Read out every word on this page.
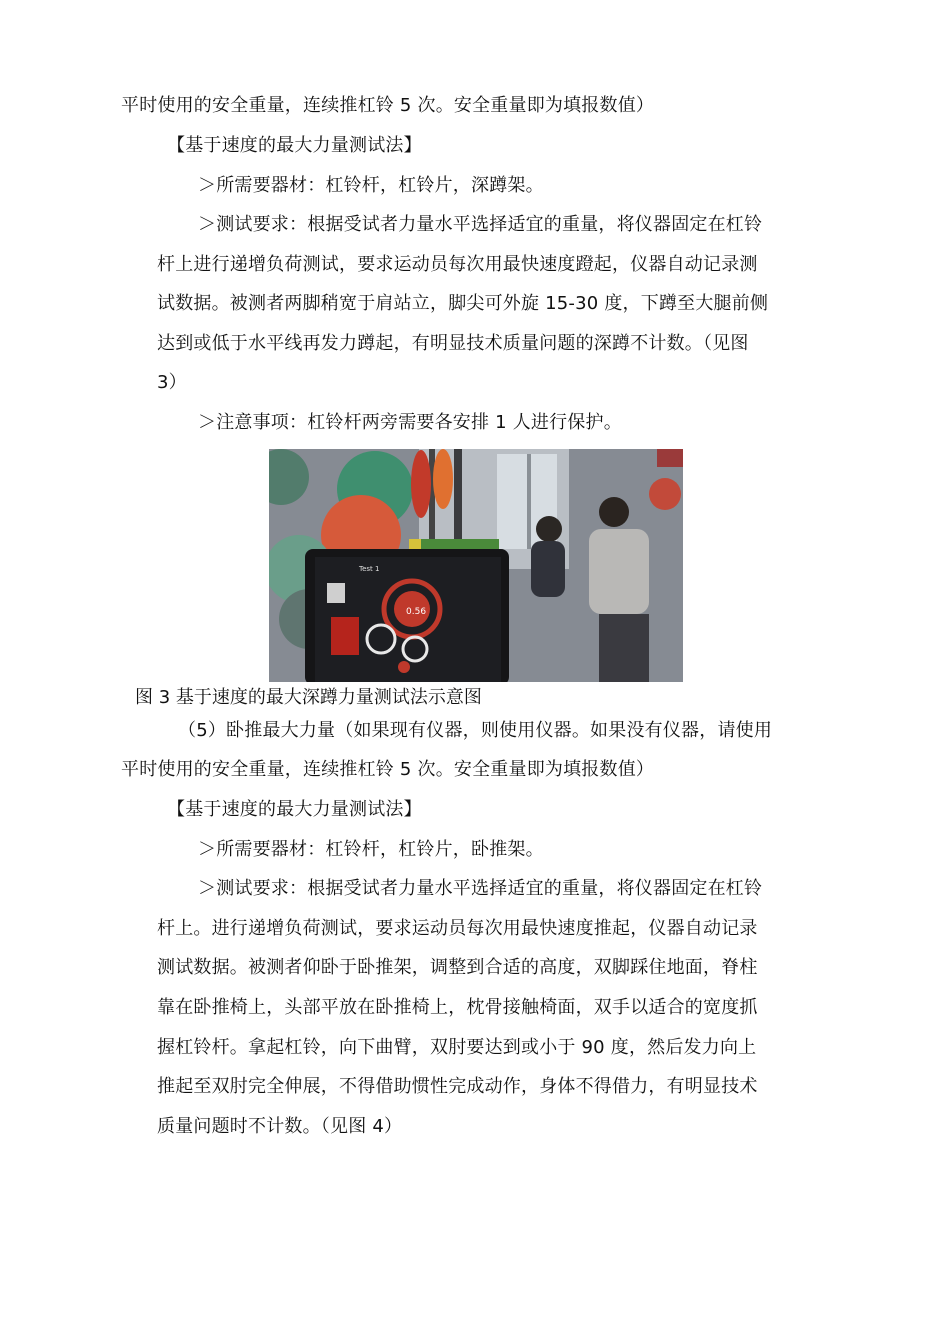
平时使用的安全重量，连续推杠铃 5 次。安全重量即为填报数值）
【基于速度的最大力量测试法】
＞所需要器材：杠铃杆，杠铃片，深蹲架。
＞测试要求：根据受试者力量水平选择适宜的重量，将仪器固定在杠铃
杆上进行递增负荷测试，要求运动员每次用最快速度蹬起，仪器自动记录测
试数据。被测者两脚稍宽于肩站立，脚尖可外旋 15-30 度，下蹲至大腿前侧
达到或低于水平线再发力蹲起，有明显技术质量问题的深蹲不计数。（见图
3）
＞注意事项：杠铃杆两旁需要各安排 1 人进行保护。
0.56
Test 1
图 3 基于速度的最大深蹲力量测试法示意图
（5）卧推最大力量（如果现有仪器，则使用仪器。如果没有仪器，请使用
平时使用的安全重量，连续推杠铃 5 次。安全重量即为填报数值）
【基于速度的最大力量测试法】
＞所需要器材：杠铃杆，杠铃片，卧推架。
＞测试要求：根据受试者力量水平选择适宜的重量，将仪器固定在杠铃
杆上。进行递增负荷测试，要求运动员每次用最快速度推起，仪器自动记录
测试数据。被测者仰卧于卧推架，调整到合适的高度，双脚踩住地面，脊柱
靠在卧推椅上，头部平放在卧推椅上，枕骨接触椅面，双手以适合的宽度抓
握杠铃杆。拿起杠铃，向下曲臂，双肘要达到或小于 90 度，然后发力向上
推起至双肘完全伸展，不得借助惯性完成动作，身体不得借力，有明显技术
质量问题时不计数。（见图 4）
